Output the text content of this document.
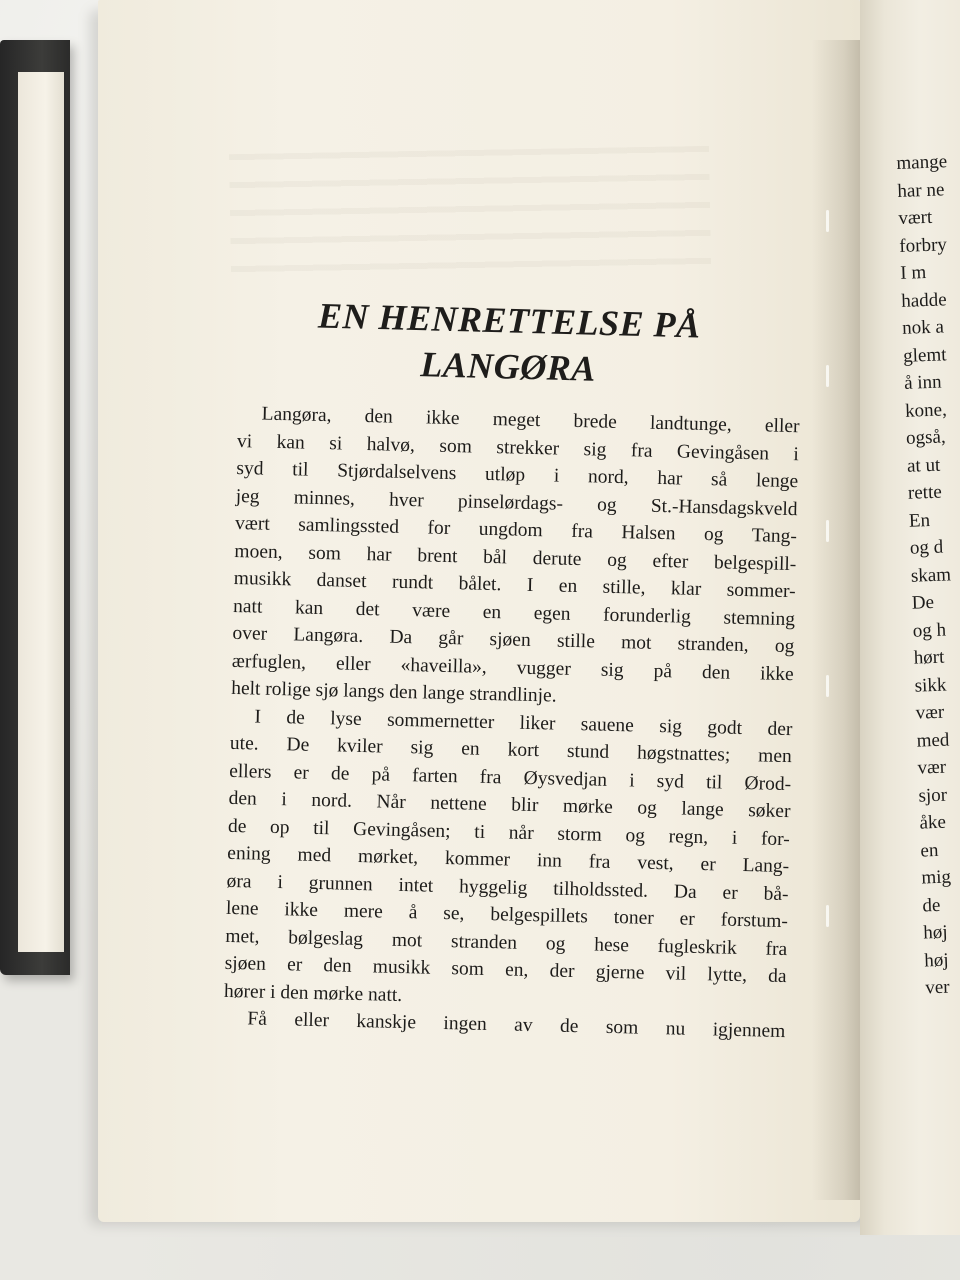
EN HENRETTELSE PÅ
LANGØRA
Langøra, den ikke meget brede landtunge, eller
vi kan si halvø, som strekker sig fra Gevingåsen i
syd til Stjørdalselvens utløp i nord, har så lenge
jeg minnes, hver pinselørdags- og St.-Hansdagskveld
vært samlingssted for ungdom fra Halsen og Tang-
moen, som har brent bål derute og efter belgespill-
musikk danset rundt bålet. I en stille, klar sommer-
natt kan det være en egen forunderlig stemning
over Langøra. Da går sjøen stille mot stranden, og
ærfuglen, eller «haveilla», vugger sig på den ikke
helt rolige sjø langs den lange strandlinje.
I de lyse sommernetter liker sauene sig godt der
ute. De kviler sig en kort stund høgstnattes; men
ellers er de på farten fra Øysvedjan i syd til Ørod-
den i nord. Når nettene blir mørke og lange søker
de op til Gevingåsen; ti når storm og regn, i for-
ening med mørket, kommer inn fra vest, er Lang-
øra i grunnen intet hyggelig tilholdssted. Da er bå-
lene ikke mere å se, belgespillets toner er forstum-
met, bølgeslag mot stranden og hese fugleskrik fra
sjøen er den musikk som en, der gjerne vil lytte, da
hører i den mørke natt.
Få eller kanskje ingen av de som nu igjennem
mange
har ne
vært
forbry
I m
hadde
nok a
glemt
å inn
kone,
også,
at ut
rette
En
og d
skam
De
og h
hørt
sikk
vær
med
vær
sjor
åke
en
mig
de
høj
høj
ver
